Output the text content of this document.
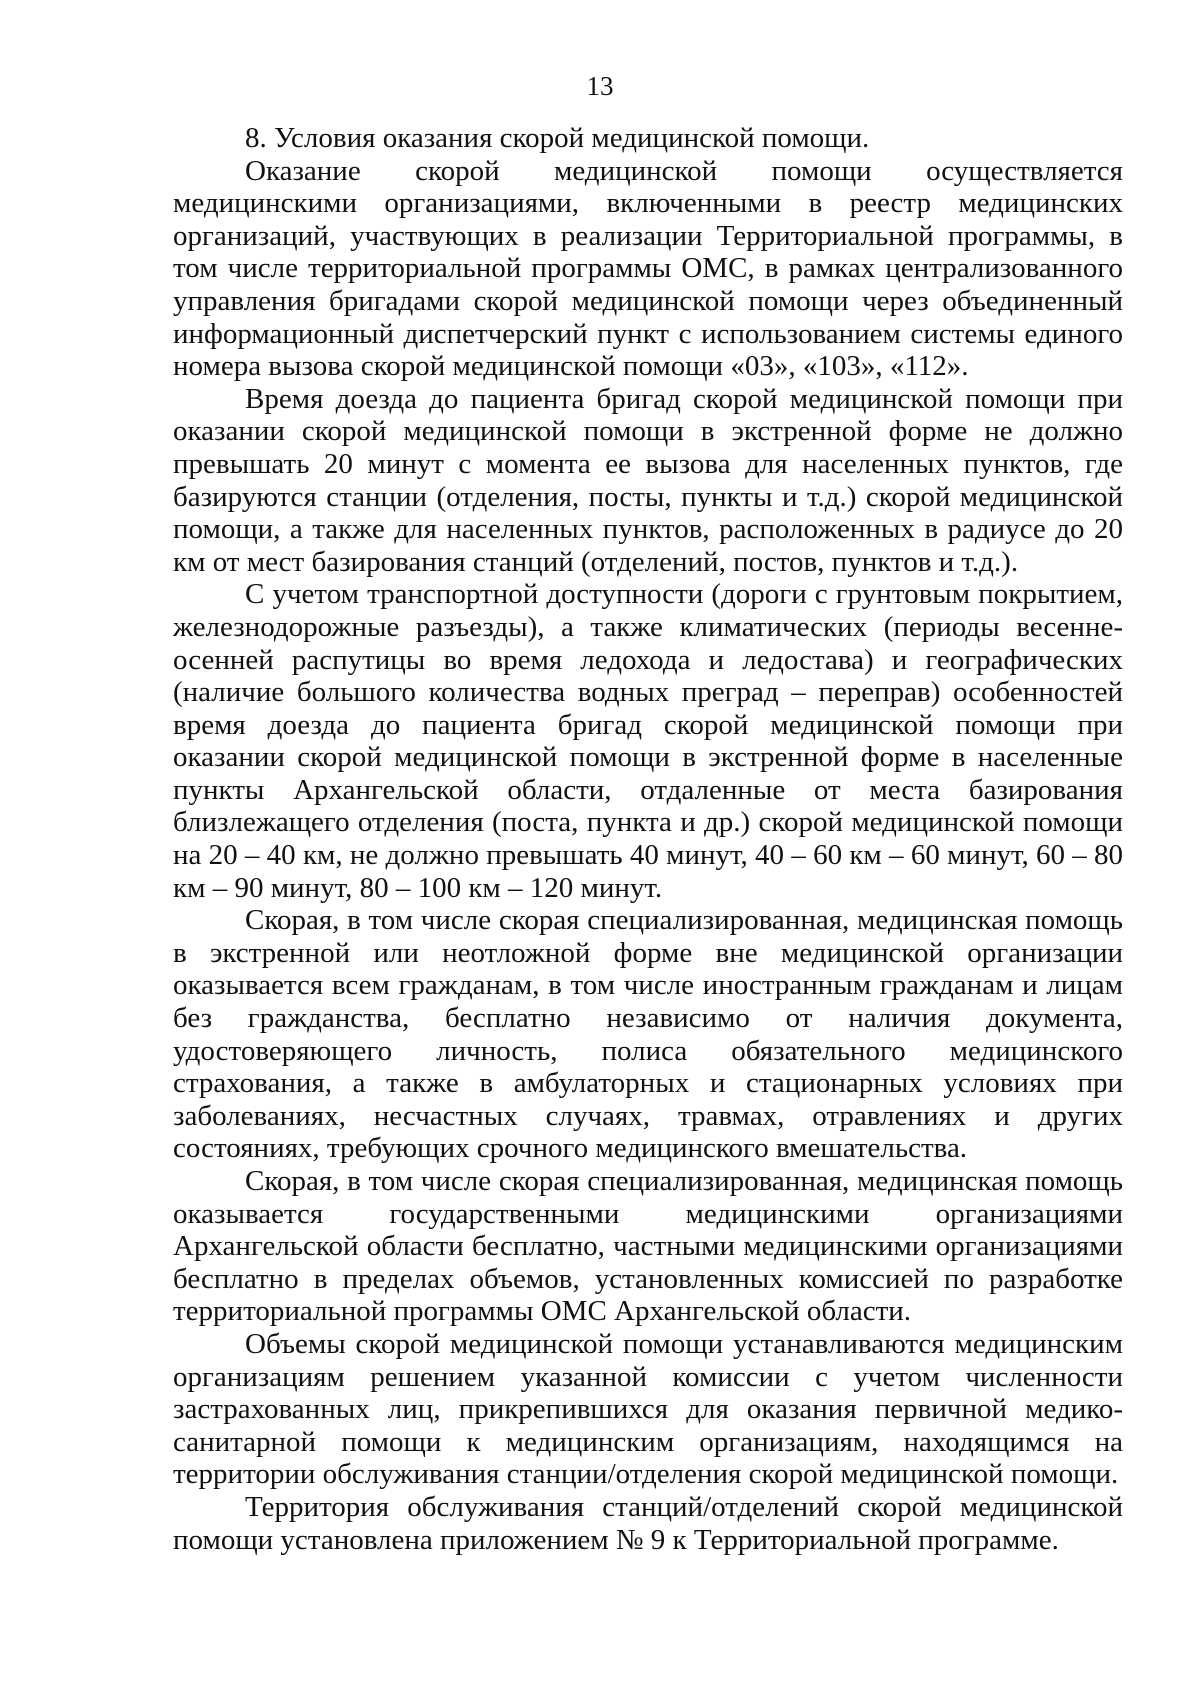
13

8. Условия оказания скорой медицинской помощи.

Оказание скорой медицинской помощи осуществляется медицинскими организациями, включенными в реестр медицинских организаций, участвующих в реализации Территориальной программы, в том числе территориальной программы ОМС, в рамках централизованного управления бригадами скорой медицинской помощи через объединенный информационный диспетчерский пункт с использованием системы единого номера вызова скорой медицинской помощи «03», «103», «112».

Время доезда до пациента бригад скорой медицинской помощи при оказании скорой медицинской помощи в экстренной форме не должно превышать 20 минут с момента ее вызова для населенных пунктов, где базируются станции (отделения, посты, пункты и т.д.) скорой медицинской помощи, а также для населенных пунктов, расположенных в радиусе до 20 км от мест базирования станций (отделений, постов, пунктов и т.д.).

С учетом транспортной доступности (дороги с грунтовым покрытием, железнодорожные разъезды), а также климатических (периоды весенне-осенней распутицы во время ледохода и ледостава) и географических (наличие большого количества водных преград – переправ) особенностей время доезда до пациента бригад скорой медицинской помощи при оказании скорой медицинской помощи в экстренной форме в населенные пункты Архангельской области, отдаленные от места базирования близлежащего отделения (поста, пункта и др.) скорой медицинской помощи на 20 – 40 км, не должно превышать 40 минут, 40 – 60 км – 60 минут, 60 – 80 км – 90 минут, 80 – 100 км – 120 минут.

Скорая, в том числе скорая специализированная, медицинская помощь в экстренной или неотложной форме вне медицинской организации оказывается всем гражданам, в том числе иностранным гражданам и лицам без гражданства, бесплатно независимо от наличия документа, удостоверяющего личность, полиса обязательного медицинского страхования, а также в амбулаторных и стационарных условиях при заболеваниях, несчастных случаях, травмах, отравлениях и других состояниях, требующих срочного медицинского вмешательства.

Скорая, в том числе скорая специализированная, медицинская помощь оказывается государственными медицинскими организациями Архангельской области бесплатно, частными медицинскими организациями бесплатно в пределах объемов, установленных комиссией по разработке территориальной программы ОМС Архангельской области.

Объемы скорой медицинской помощи устанавливаются медицинским организациям решением указанной комиссии с учетом численности застрахованных лиц, прикрепившихся для оказания первичной медико-санитарной помощи к медицинским организациям, находящимся на территории обслуживания станции/отделения скорой медицинской помощи.

Территория обслуживания станций/отделений скорой медицинской помощи установлена приложением № 9 к Территориальной программе.
